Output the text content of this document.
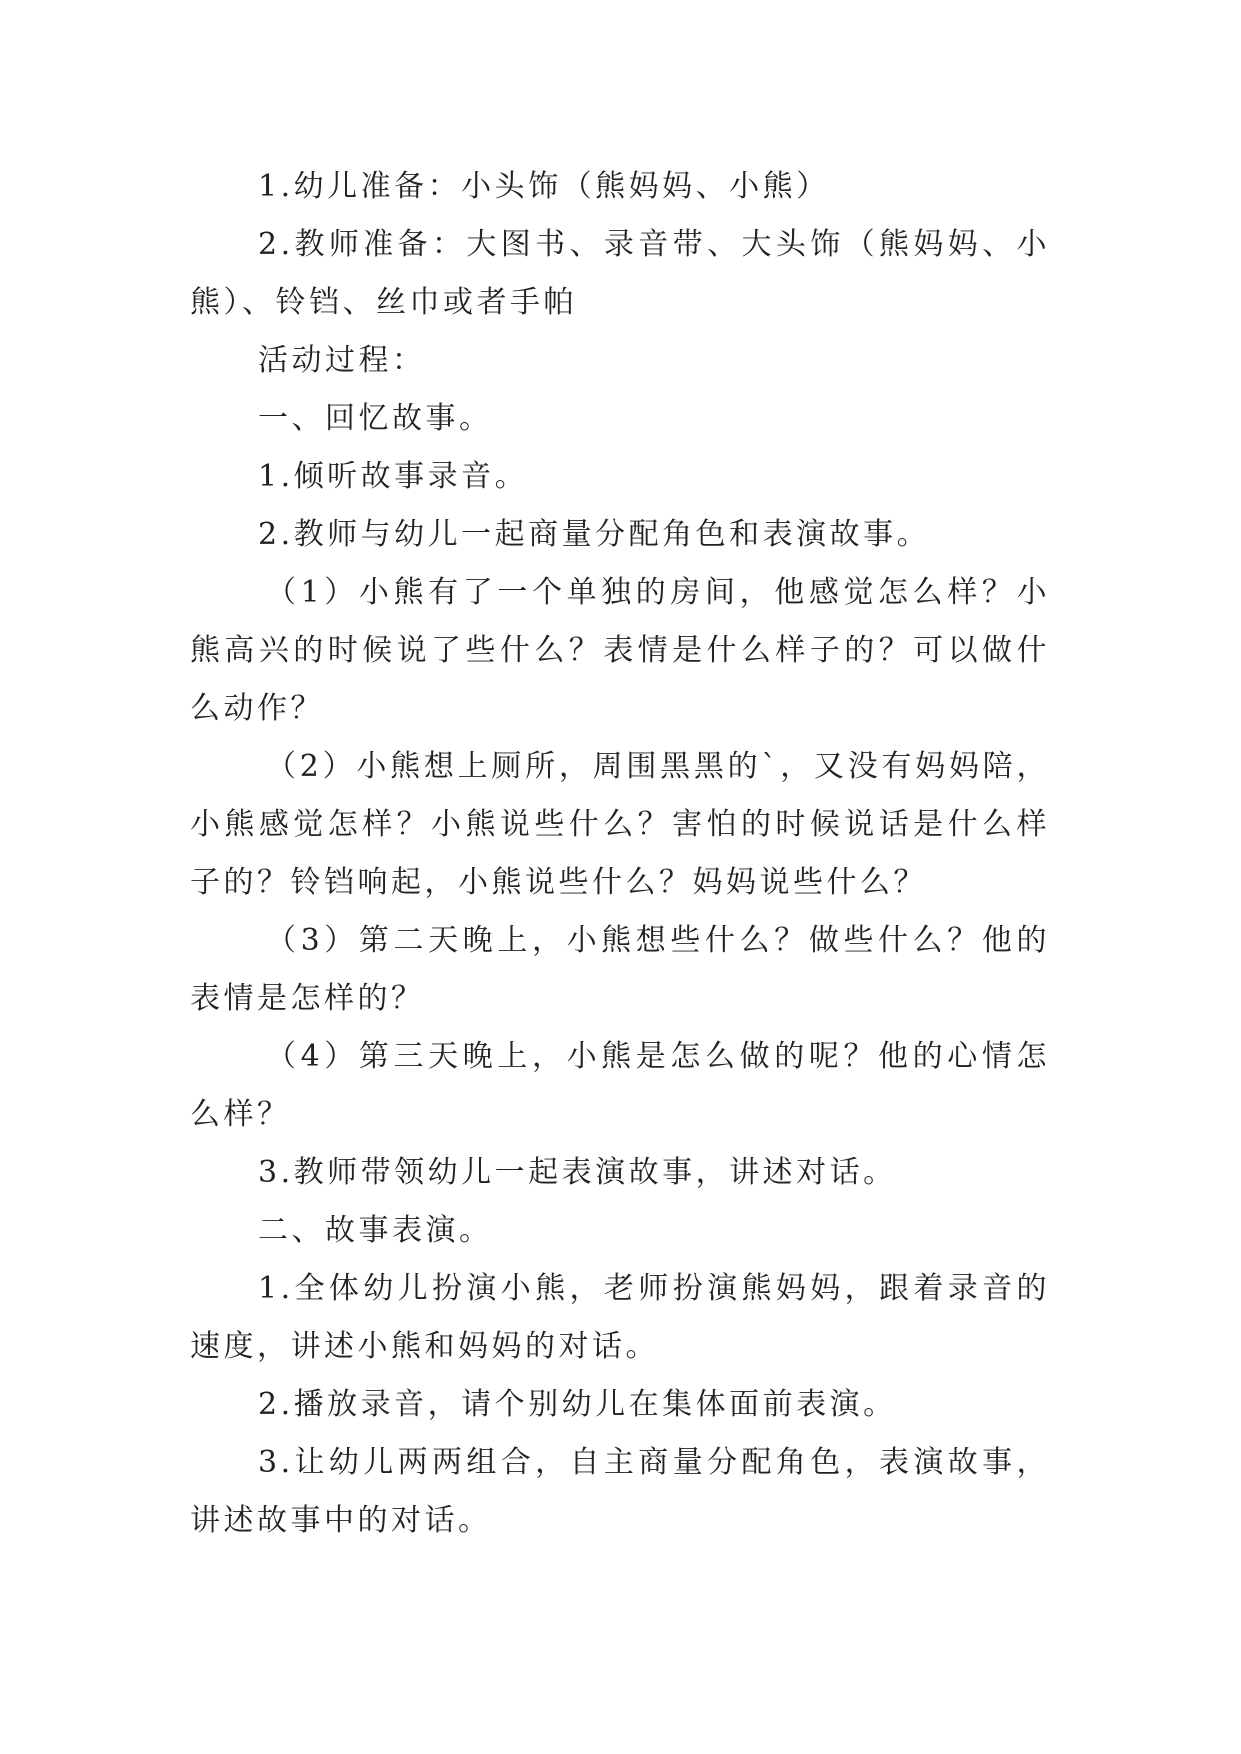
1.幼儿准备：小头饰（熊妈妈、小熊）

2.教师准备：大图书、录音带、大头饰（熊妈妈、小熊）、铃铛、丝巾或者手帕

活动过程：

一、回忆故事。

1.倾听故事录音。

2.教师与幼儿一起商量分配角色和表演故事。

（1）小熊有了一个单独的房间，他感觉怎么样？小熊高兴的时候说了些什么？表情是什么样子的？可以做什么动作？

（2）小熊想上厕所，周围黑黑的`，又没有妈妈陪，小熊感觉怎样？小熊说些什么？害怕的时候说话是什么样子的？铃铛响起，小熊说些什么？妈妈说些什么？

（3）第二天晚上，小熊想些什么？做些什么？他的表情是怎样的？

（4）第三天晚上，小熊是怎么做的呢？他的心情怎么样？

3.教师带领幼儿一起表演故事，讲述对话。

二、故事表演。

1.全体幼儿扮演小熊，老师扮演熊妈妈，跟着录音的速度，讲述小熊和妈妈的对话。

2.播放录音，请个别幼儿在集体面前表演。

3.让幼儿两两组合，自主商量分配角色，表演故事，讲述故事中的对话。
